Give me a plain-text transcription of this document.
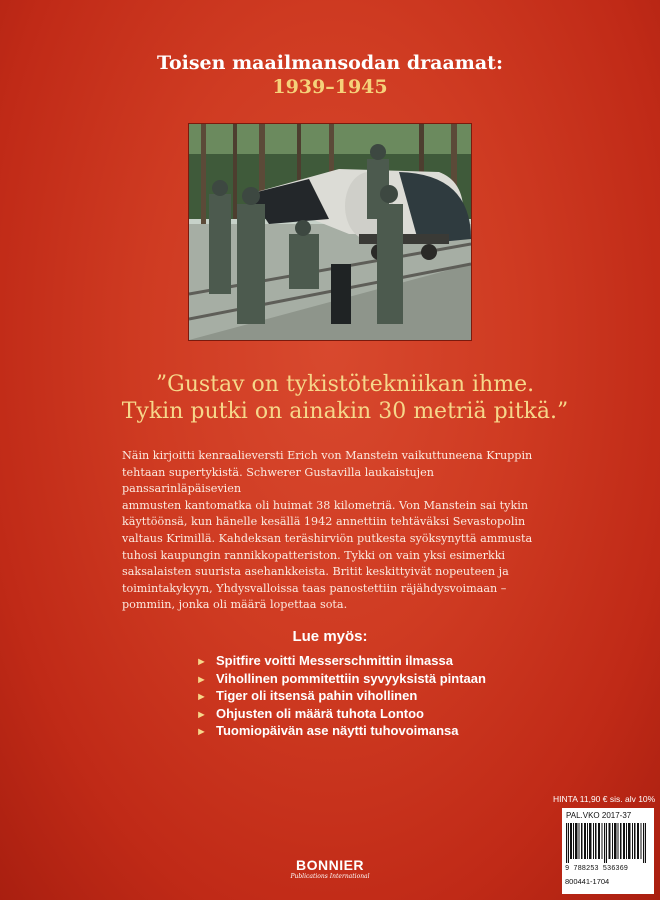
Toisen maailmansodan draamat:
1939–1945
”Gustav on tykistötekniikan ihme.
Tykin putki on ainakin 30 metriä pitkä.”
Näin kirjoitti kenraalieversti Erich von Manstein vaikuttuneena Kruppin
tehtaan supertykistä. Schwerer Gustavilla laukaistujen panssarinläpäisevien
ammusten kantomatka oli huimat 38 kilometriä. Von Manstein sai tykin
käyttöönsä, kun hänelle kesällä 1942 annettiin tehtäväksi Sevastopolin
valtaus Krimillä. Kahdeksan teräshirviön putkesta syöksynyttä ammusta
tuhosi kaupungin rannikkopatteriston. Tykki on vain yksi esimerkki
saksalaisten suurista asehankkeista. Britit keskittyivät nopeuteen ja
toimintakykyyn, Yhdysvalloissa taas panostettiin räjähdysvoimaan –
pommiin, jonka oli määrä lopettaa sota.
Lue myös:
► Spitfire voitti Messerschmittin ilmassa
► Vihollinen pommitettiin syvyyksistä pintaan
► Tiger oli itsensä pahin vihollinen
► Ohjusten oli määrä tuhota Lontoo
► Tuomiopäivän ase näytti tuhovoimansa
HINTA 11,90 € sis. alv 10%
PAL.VKO 2017-37
9 788253 536369
800441-1704
BONNIER
Publications International
